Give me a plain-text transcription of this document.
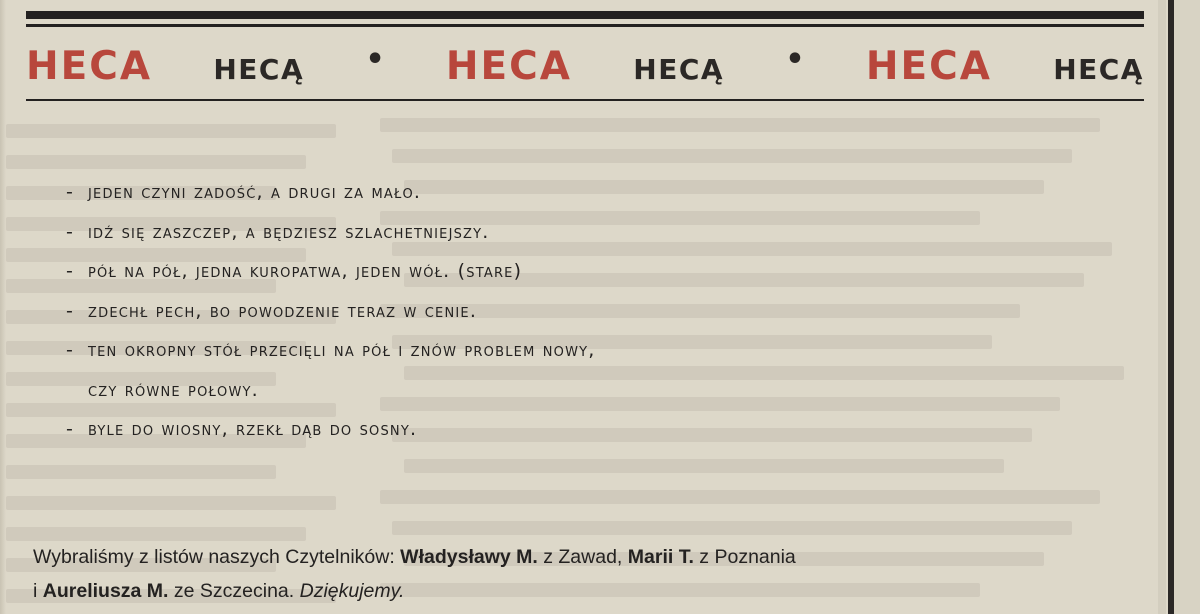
HECA HECĄ • HECA HECĄ • HECA HECĄ
- jeden czyni zadość, a drugi za mało.
- idź się zaszczep, a będziesz szlachetniejszy.
- pół na pół, jedna kuropatwa, jeden wół. (stare)
- zdechł pech, bo powodzenie teraz w cenie.
- ten okropny stół przecięli na pół i znów problem nowy,
czy równe połowy.
- byle do wiosny, rzekł dąb do sosny.
Wybraliśmy z listów naszych Czytelników: Władysławy M. z Zawad, Marii T. z Poznania
i Aureliusza M. ze Szczecina. Dziękujemy.
